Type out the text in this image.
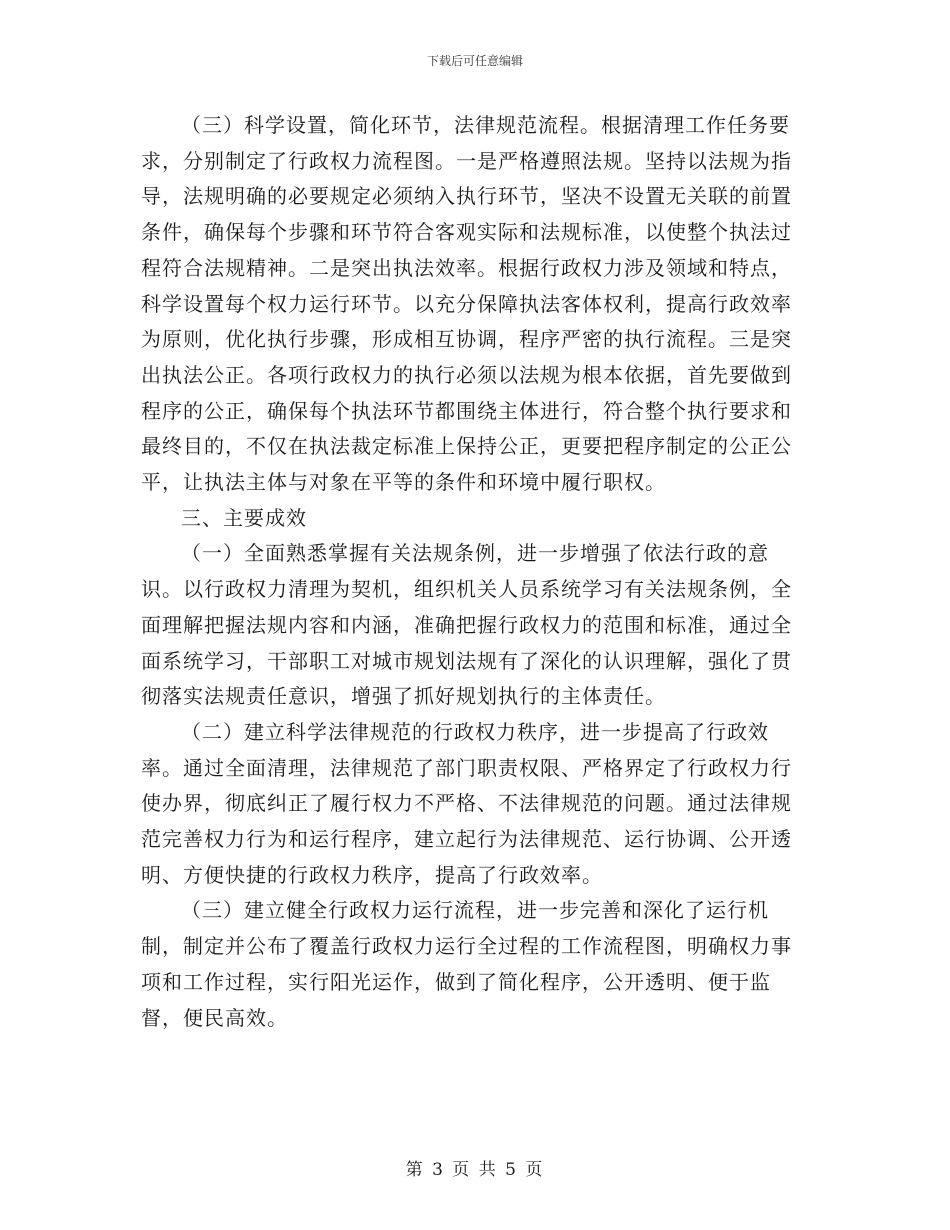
下载后可任意编辑

（三）科学设置，简化环节，法律规范流程。根据清理工作任务要求，分别制定了行政权力流程图。一是严格遵照法规。坚持以法规为指导，法规明确的必要规定必须纳入执行环节，坚决不设置无关联的前置条件，确保每个步骤和环节符合客观实际和法规标准，以使整个执法过程符合法规精神。二是突出执法效率。根据行政权力涉及领域和特点，科学设置每个权力运行环节。以充分保障执法客体权利，提高行政效率为原则，优化执行步骤，形成相互协调，程序严密的执行流程。三是突出执法公正。各项行政权力的执行必须以法规为根本依据，首先要做到程序的公正，确保每个执法环节都围绕主体进行，符合整个执行要求和最终目的，不仅在执法裁定标准上保持公正，更要把程序制定的公正公平，让执法主体与对象在平等的条件和环境中履行职权。

三、主要成效

（一）全面熟悉掌握有关法规条例，进一步增强了依法行政的意识。以行政权力清理为契机，组织机关人员系统学习有关法规条例，全面理解把握法规内容和内涵，准确把握行政权力的范围和标准，通过全面系统学习，干部职工对城市规划法规有了深化的认识理解，强化了贯彻落实法规责任意识，增强了抓好规划执行的主体责任。

（二）建立科学法律规范的行政权力秩序，进一步提高了行政效率。通过全面清理，法律规范了部门职责权限、严格界定了行政权力行使办界，彻底纠正了履行权力不严格、不法律规范的问题。通过法律规范完善权力行为和运行程序，建立起行为法律规范、运行协调、公开透明、方便快捷的行政权力秩序，提高了行政效率。

（三）建立健全行政权力运行流程，进一步完善和深化了运行机制，制定并公布了覆盖行政权力运行全过程的工作流程图，明确权力事项和工作过程，实行阳光运作，做到了简化程序，公开透明、便于监督，便民高效。

第 3 页 共 5 页
